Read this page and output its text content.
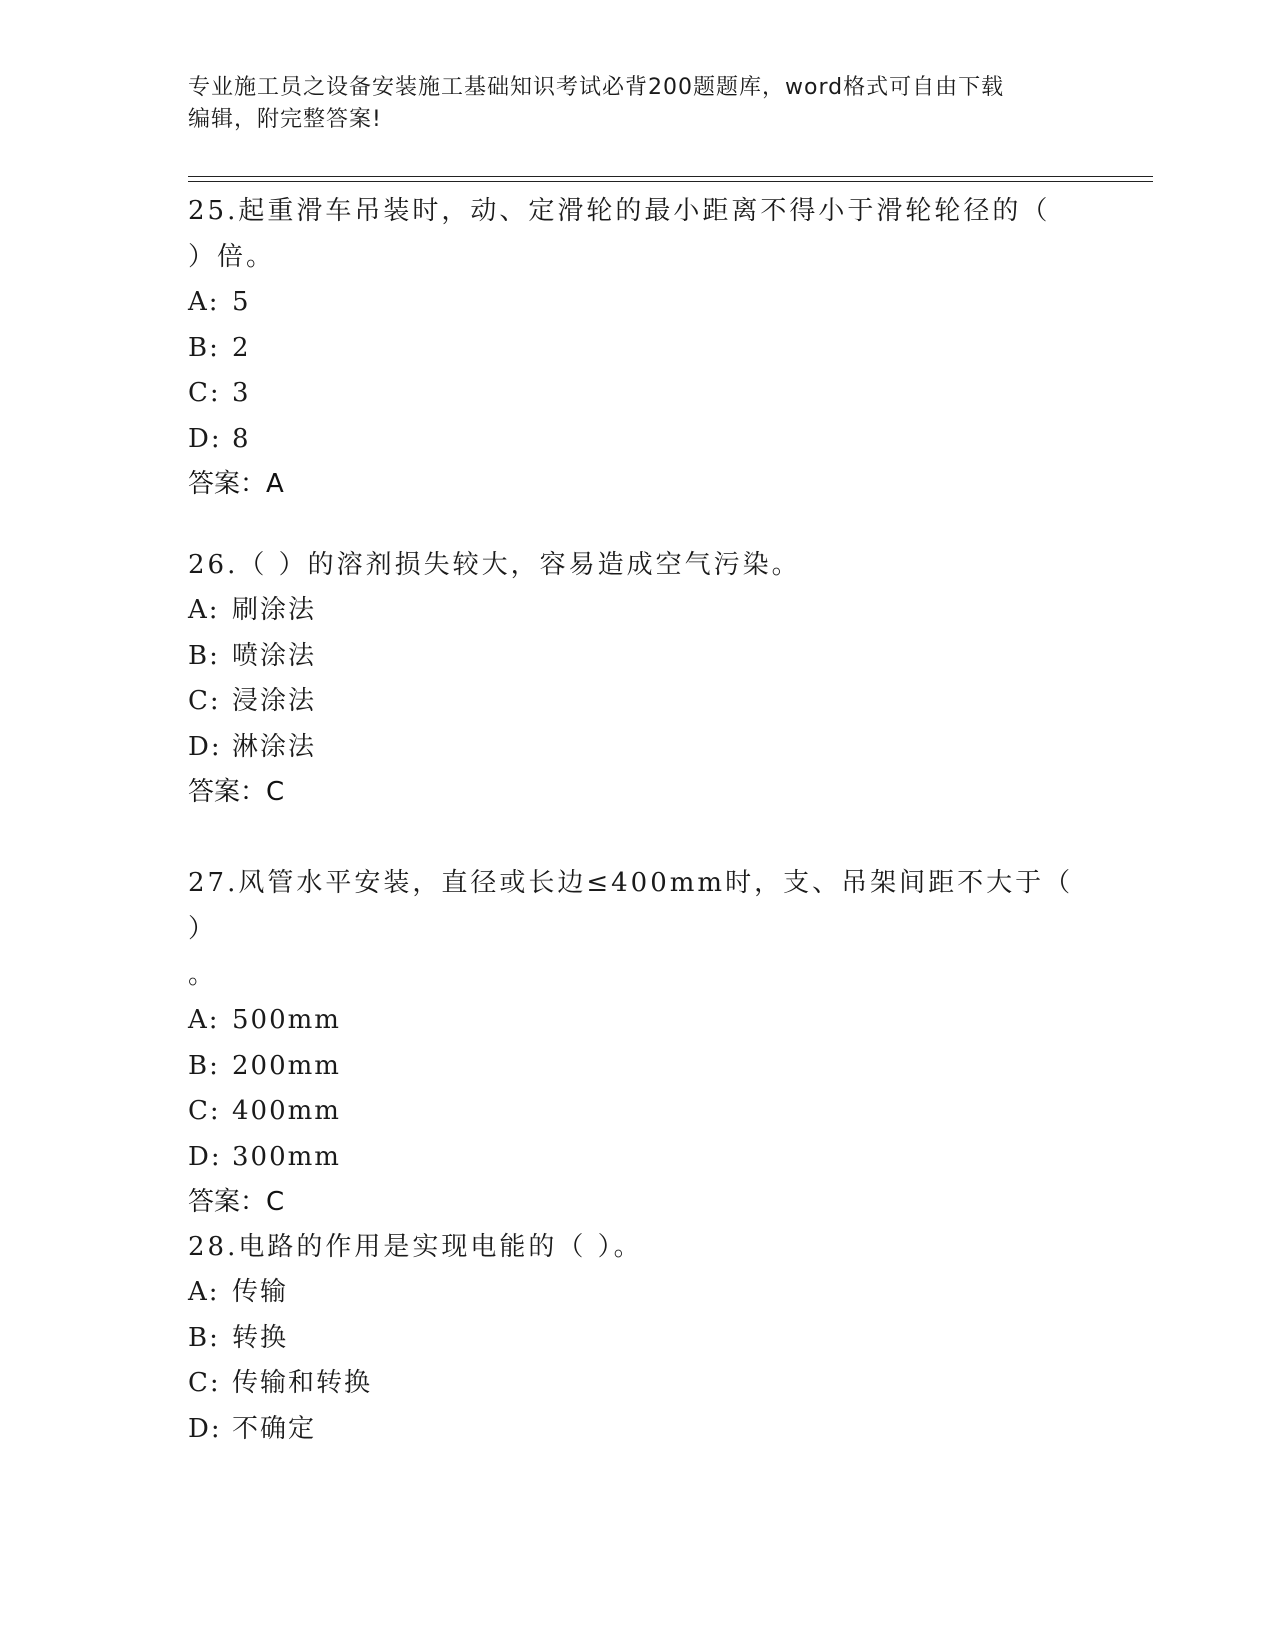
专业施工员之设备安装施工基础知识考试必背200题题库，word格式可自由下载
编辑，附完整答案!
25.起重滑车吊装时，动、定滑轮的最小距离不得小于滑轮轮径的（
）倍。
A: 5
B: 2
C: 3
D: 8
答案：A
26.（ ）的溶剂损失较大，容易造成空气污染。
A: 刷涂法
B: 喷涂法
C: 浸涂法
D: 淋涂法
答案：C
27.风管水平安装，直径或长边≤400mm时，支、吊架间距不大于（ ）
。
A: 500mm
B: 200mm
C: 400mm
D: 300mm
答案：C
28.电路的作用是实现电能的（ ）。
A: 传输
B: 转换
C: 传输和转换
D: 不确定
